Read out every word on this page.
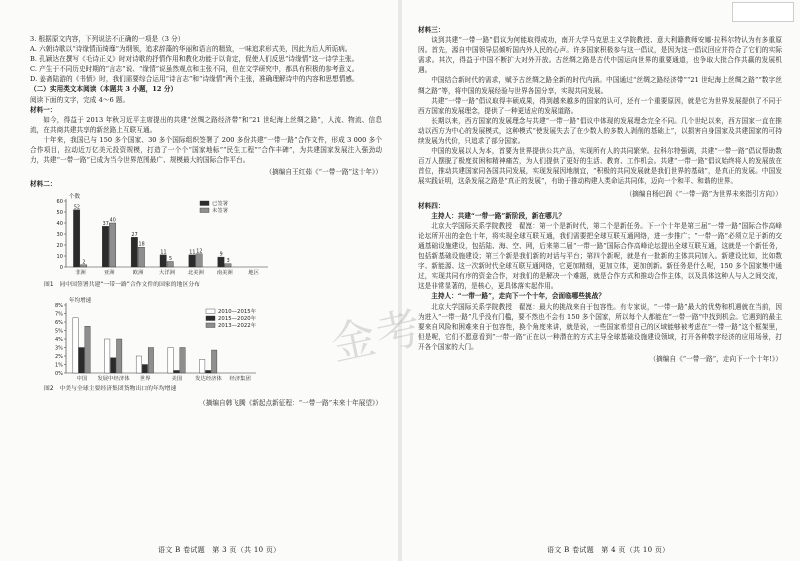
3. 根据原文内容，下列说法不正确的一项是（3 分）
A. 六朝诗歌以“诗缘情而绮靡”为纲领，追求辞藻的华丽和语言的精致，一味追求形式美，因此为后人所诟病。
B. 孔颖达在撰写《毛诗正义》时对诗歌的抒情作用和教化功能于以肯定，促使人们反思“诗缘情”这一诗学主张。
C. 产生于不同历史时期的“言志”说、“缘情”说虽然观点和主张不同，但在文学研究中，都具有积极的参考意义。
D. 姜斋陆游的《书愤》时，我们需要综合运用“诗言志”和“诗缘情”两个主张，准确理解诗中的内容和思想情感。
（二）实用类文本阅读（本题共 3 小题，12 分）
阅读下面的文字，完成 4～6 题。
材料一：
如今，得益于 2013 年秋习近平主席提出的共建“丝绸之路经济带”和“21 世纪海上丝绸之路”，人流、物流、信息流，在共商共建共享的新丝路上互联互通。
十年来，我国已与 150 多个国家、30 多个国际组织签署了 200 多份共建“一带一路”合作文件，形成 3 000 多个合作项目，拉动近万亿美元投资规模，打造了一个个“国家地标”“民生工程”“合作丰碑”，为共建国家发展注入强劲动力，共建“一带一路”已成为当今世界范围最广、规模最大的国际合作平台。
（摘编自王红茹《“一带一路”这十年》）
材料二：
0
10
20
30
40
50
60
个数
非洲
52
2
亚洲
37
40
欧洲
27
18
大洋洲
11
5
北美洲
11 12
南美洲
9
3
地区
已签署
未签署
图1　同中国签署共建“一带一路”合作文件的国家的地区分布

0%
1%
2%
3%
4%
5%
6%
7%
8%
年均增速
中国 发展中经济体 世界	美国 发达经济体 经济集团
2010—2015年
2015—2020年
2013—2022年
图2　中美与全球主要经济集团货物出口的年均增速
（摘编自韩飞腾《新起点新征程：“一带一路”未来十年展望》）
语文 B 卷试题　第 3 页（共 10 页）
材料三：
谈到共建“一带一路”倡议为何能取得成功，南开大学马克思主义学院教授、意大利籍教师安娜·拉科尔特认为有多重原因。首先，源自中国领导层倾听国内外人民的心声。许多国家积极参与这一倡议，是因为这一倡议回应并符合了它们的实际需求。其次，得益于中国不断扩大对外开放。古丝绸之路是古代中国运向世界的重要通道，也争取大批合作共赢的发展机遇。
中国结合新时代的需求，赋予古丝绸之路全新的时代内涵。中国通过“丝绸之路经济带”“21 世纪海上丝绸之路”“数字丝绸之路”等，将中国的发展经验与世界各国分享，实现共同发展。
共建“一带一路”倡议取得丰硕成果，得到越来越多的国家的认可，还有一个重要原因，就是它为世界发展提供了不同于西方国家的发展理念，提供了一种更适应的发展道路。
长期以来，西方国家的发展理念与共建“一带一路”倡议中体现的发展理念完全不同。几个世纪以来，西方国家一直在推动以西方为中心的发展模式，这种模式“使发展失去了在少数人的多数人剥削的基础上”，以损害自身国家及共建国家的可持续发展为代价，只追求了部分国家。
中国的发展以人为本，首要为世界提供公共产品，实现所有人的共同繁荣。拉科尔特强调，共建“一带一路”倡议帮助数百万人摆脱了极度贫困和精神痛苦，为人们提供了更好的生活、教育、工作机会。共建“一带一路”倡议始终将人的发展放在首位，推动共建国家同各国共同发展，实现发展因地制宜，“积极的共同发展就是我们世界的基础”，是真正的发展。中国发展实践证明，这条发展之路是“真正的发展”，有助于推动构建人类命运共同体，迈向一个和平、和谐的世界。
（摘编自杨巴润《“一带一路”为世界未来指引方向》）
材料四：
主持人：共建“一带一路”新阶段，新在哪儿？
北京大学国际关系学院教授　翟崑：第一个是新时代，第二个是新任务。下一个十年是第三届“一带一路”国际合作高峰论坛所开出的金色十年，将实现全球互联互通，我们需要把全球互联互通网络，进一步推广；“一带一路”必须立足于新的交通基础设施建设，包括陆、海、空、网，后来第二届“一带一路”国际合作高峰论坛提出全球互联互通，这就是一个新任务，包括新基础设施建设；第三个新是我们新的对话与平台；第四个新呢，就是有一批新的主体共同加入。新建设比如，比如数字、新能源、这一次新时代全球互联互通网络，它更加精细，更加立体，更加创新。新任务是什么呢，150 多个国家集中通过，实现共同有序的资金合作，对我们的是解决一个难题，就是合作方式和推动合作主体，以及具体这种人与人之间交流，这是非常显著的，是核心，更具体落实起作用。
主持人：“一带一路”，走向下一个十年，会面临哪些挑战？
北京大学国际关系学院教授　翟崑：最大的挑战来自于包容性。有专家说，“一带一路”最大的优势和机遇就在当前，因为进入“一带一路”几乎没有门槛，要不然也不会有 150 多个国家，所以每个人都能在“一带一路”中找到机会。它遇到的最主要来自风险和困难来自于包容性，换个角度来讲，就是说，一些国家希望自己的区域能够被考虑在“一带一路”这个框架里，但是呢，它们不愿意看到“一带一路”正在以一种潜在的方式主导全球基础设施建设领域，打开各种数字经济的应用场景，打开各个国家的大门。
（摘编自《“一带一路”，走向下一个十年!》）
语文 B 卷试题　第 4 页（共 10 页）
金考
